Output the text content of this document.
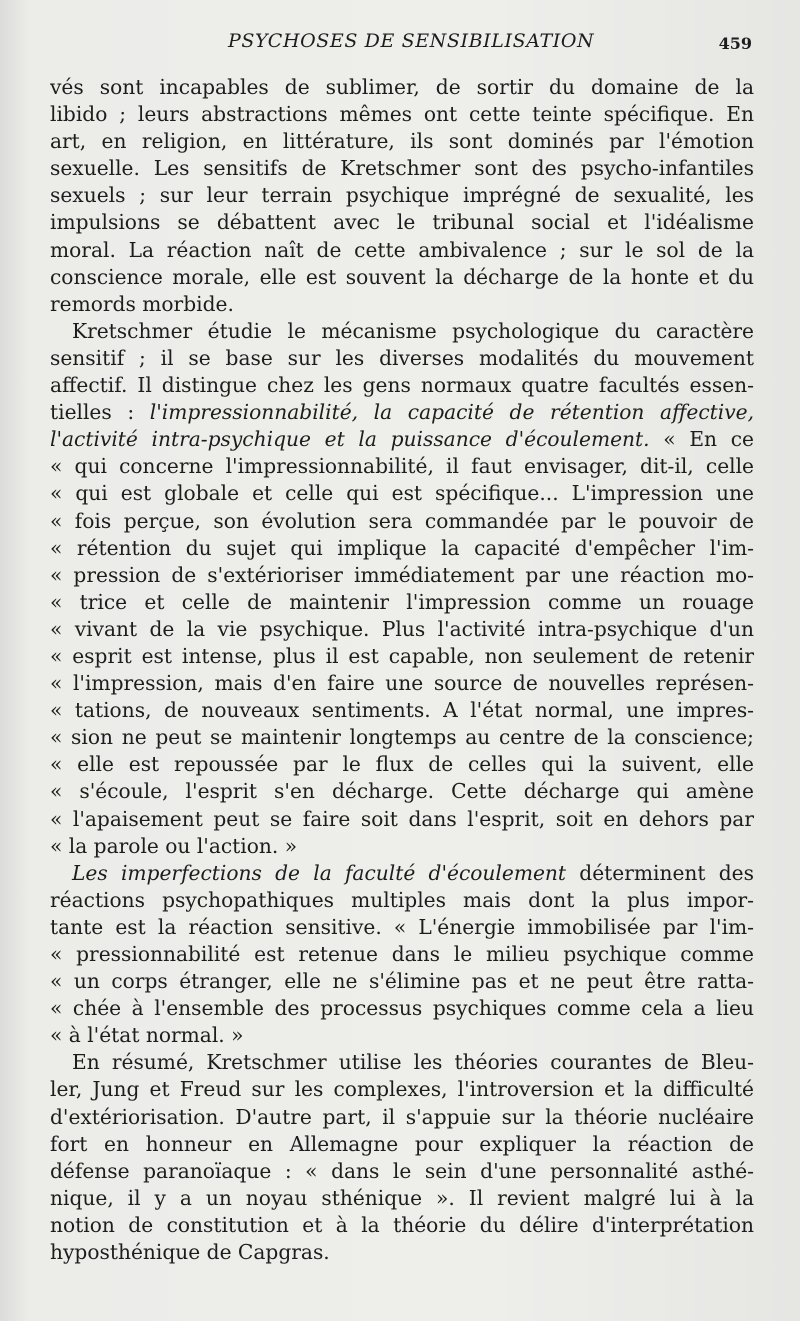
PSYCHOSES DE SENSIBILISATION	459
vés sont incapables de sublimer, de sortir du domaine de la
libido ; leurs abstractions mêmes ont cette teinte spécifique. En
art, en religion, en littérature, ils sont dominés par l'émotion
sexuelle. Les sensitifs de Kretschmer sont des psycho-infantiles
sexuels ; sur leur terrain psychique imprégné de sexualité, les
impulsions se débattent avec le tribunal social et l'idéalisme
moral. La réaction naît de cette ambivalence ; sur le sol de la
conscience morale, elle est souvent la décharge de la honte et du
remords morbide.
Kretschmer étudie le mécanisme psychologique du caractère
sensitif ; il se base sur les diverses modalités du mouvement
affectif. Il distingue chez les gens normaux quatre facultés essen-
tielles : l'impressionnabilité, la capacité de rétention affective,
l'activité intra-psychique et la puissance d'écoulement. « En ce
« qui concerne l'impressionnabilité, il faut envisager, dit-il, celle
« qui est globale et celle qui est spécifique... L'impression une
« fois perçue, son évolution sera commandée par le pouvoir de
« rétention du sujet qui implique la capacité d'empêcher l'im-
« pression de s'extérioriser immédiatement par une réaction mo-
« trice et celle de maintenir l'impression comme un rouage
« vivant de la vie psychique. Plus l'activité intra-psychique d'un
« esprit est intense, plus il est capable, non seulement de retenir
« l'impression, mais d'en faire une source de nouvelles représen-
« tations, de nouveaux sentiments. A l'état normal, une impres-
« sion ne peut se maintenir longtemps au centre de la conscience;
« elle est repoussée par le flux de celles qui la suivent, elle
« s'écoule, l'esprit s'en décharge. Cette décharge qui amène
« l'apaisement peut se faire soit dans l'esprit, soit en dehors par
« la parole ou l'action. »
Les imperfections de la faculté d'écoulement déterminent des
réactions psychopathiques multiples mais dont la plus impor-
tante est la réaction sensitive. « L'énergie immobilisée par l'im-
« pressionnabilité est retenue dans le milieu psychique comme
« un corps étranger, elle ne s'élimine pas et ne peut être ratta-
« chée à l'ensemble des processus psychiques comme cela a lieu
« à l'état normal. »
En résumé, Kretschmer utilise les théories courantes de Bleu-
ler, Jung et Freud sur les complexes, l'introversion et la difficulté
d'extériorisation. D'autre part, il s'appuie sur la théorie nucléaire
fort en honneur en Allemagne pour expliquer la réaction de
défense paranoïaque : « dans le sein d'une personnalité asthé-
nique, il y a un noyau sthénique ». Il revient malgré lui à la
notion de constitution et à la théorie du délire d'interprétation
hyposthénique de Capgras.
